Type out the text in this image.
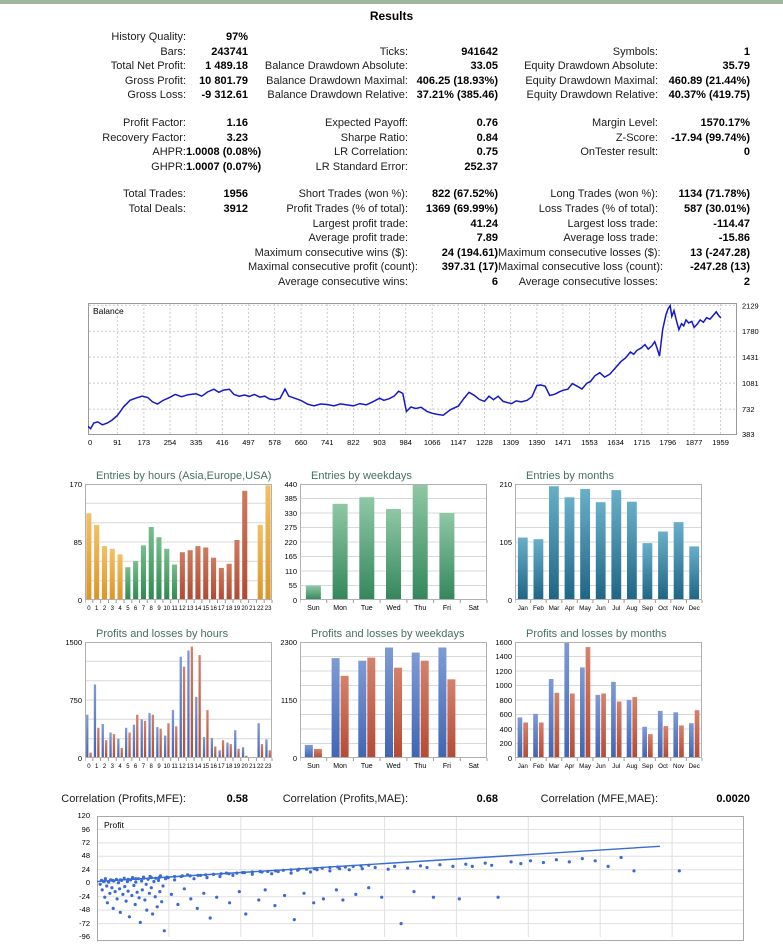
Results
History Quality:	97%
Bars:	243741	Ticks:	941642	Symbols:	1
Total Net Profit:	1 489.18	Balance Drawdown Absolute:	33.05	Equity Drawdown Absolute:	35.79
Gross Profit:	10 801.79	Balance Drawdown Maximal: 406.25 (18.93%)	Equity Drawdown Maximal: 460.89 (21.44%)
Gross Loss:	-9 312.61	Balance Drawdown Relative: 37.21% (385.46)	Equity Drawdown Relative: 40.37% (419.75)
Profit Factor:	1.16	Expected Payoff:	0.76	Margin Level:	1570.17%
Recovery Factor:	3.23	Sharpe Ratio:	0.84	Z-Score:	-17.94 (99.74%)
AHPR: 1.0008 (0.08%)	LR Correlation:	0.75	OnTester result:	0
GHPR: 1.0007 (0.07%)	LR Standard Error:	252.37
Total Trades:	1956	Short Trades (won %):	822 (67.52%)	Long Trades (won %):	1134 (71.78%)
Total Deals:	3912	Profit Trades (% of total):	1369 (69.99%)	Loss Trades (% of total):	587 (30.01%)
Largest profit trade:	41.24	Largest loss trade:	-114.47
Average profit trade:	7.89	Average loss trade:	-15.86
Maximum consecutive wins ($):	24 (194.61) Maximum consecutive losses ($):	13 (-247.28)
Maximal consecutive profit (count):	397.31 (17) Maximal consecutive loss (count):	-247.28 (13)
Average consecutive wins:	6	Average consecutive losses:	2
2129
1780
1431
1081
732
383
0	91 173 254 335 416 497 578 660 741 822 903 984 1066 1147 1228 1309 1390 1471 1553 1634 1715 1796 1877 1959
Balance
Entries by hours (Asia,Europe,USA)
0
85
170
0 1 2 3 4 5 6 7 8 9 10 11 12 13 14 15 16 17 18 19 20 21 22 23
Entries by weekdays
0
55
110
165
220
275
330
385
440
Sun Mon Tue Wed Thu Fri Sat
Entries by months
0
105
210
Jan Feb Mar Apr May Jun Jul Aug Sep Oct Nov Dec
Profits and losses by hours
0
750
1500
0 1 2 3 4 5 6 7 8 9 10 11 12 13 14 15 16 17 18 19 20 21 22 23
Profits and losses by weekdays
0
1150
2300
Sun Mon Tue Wed Thu Fri Sat
Profits and losses by months
0
200
400
600
800
1000
1200
1400
1600
Jan Feb Mar Apr May Jun Jul Aug Sep Oct Nov Dec
Correlation (Profits,MFE):	0.58	Correlation (Profits,MAE):	0.68	Correlation (MFE,MAE):	0.0020
120
96
72
48
24
0
-24
-48
-72
-96
Profit
